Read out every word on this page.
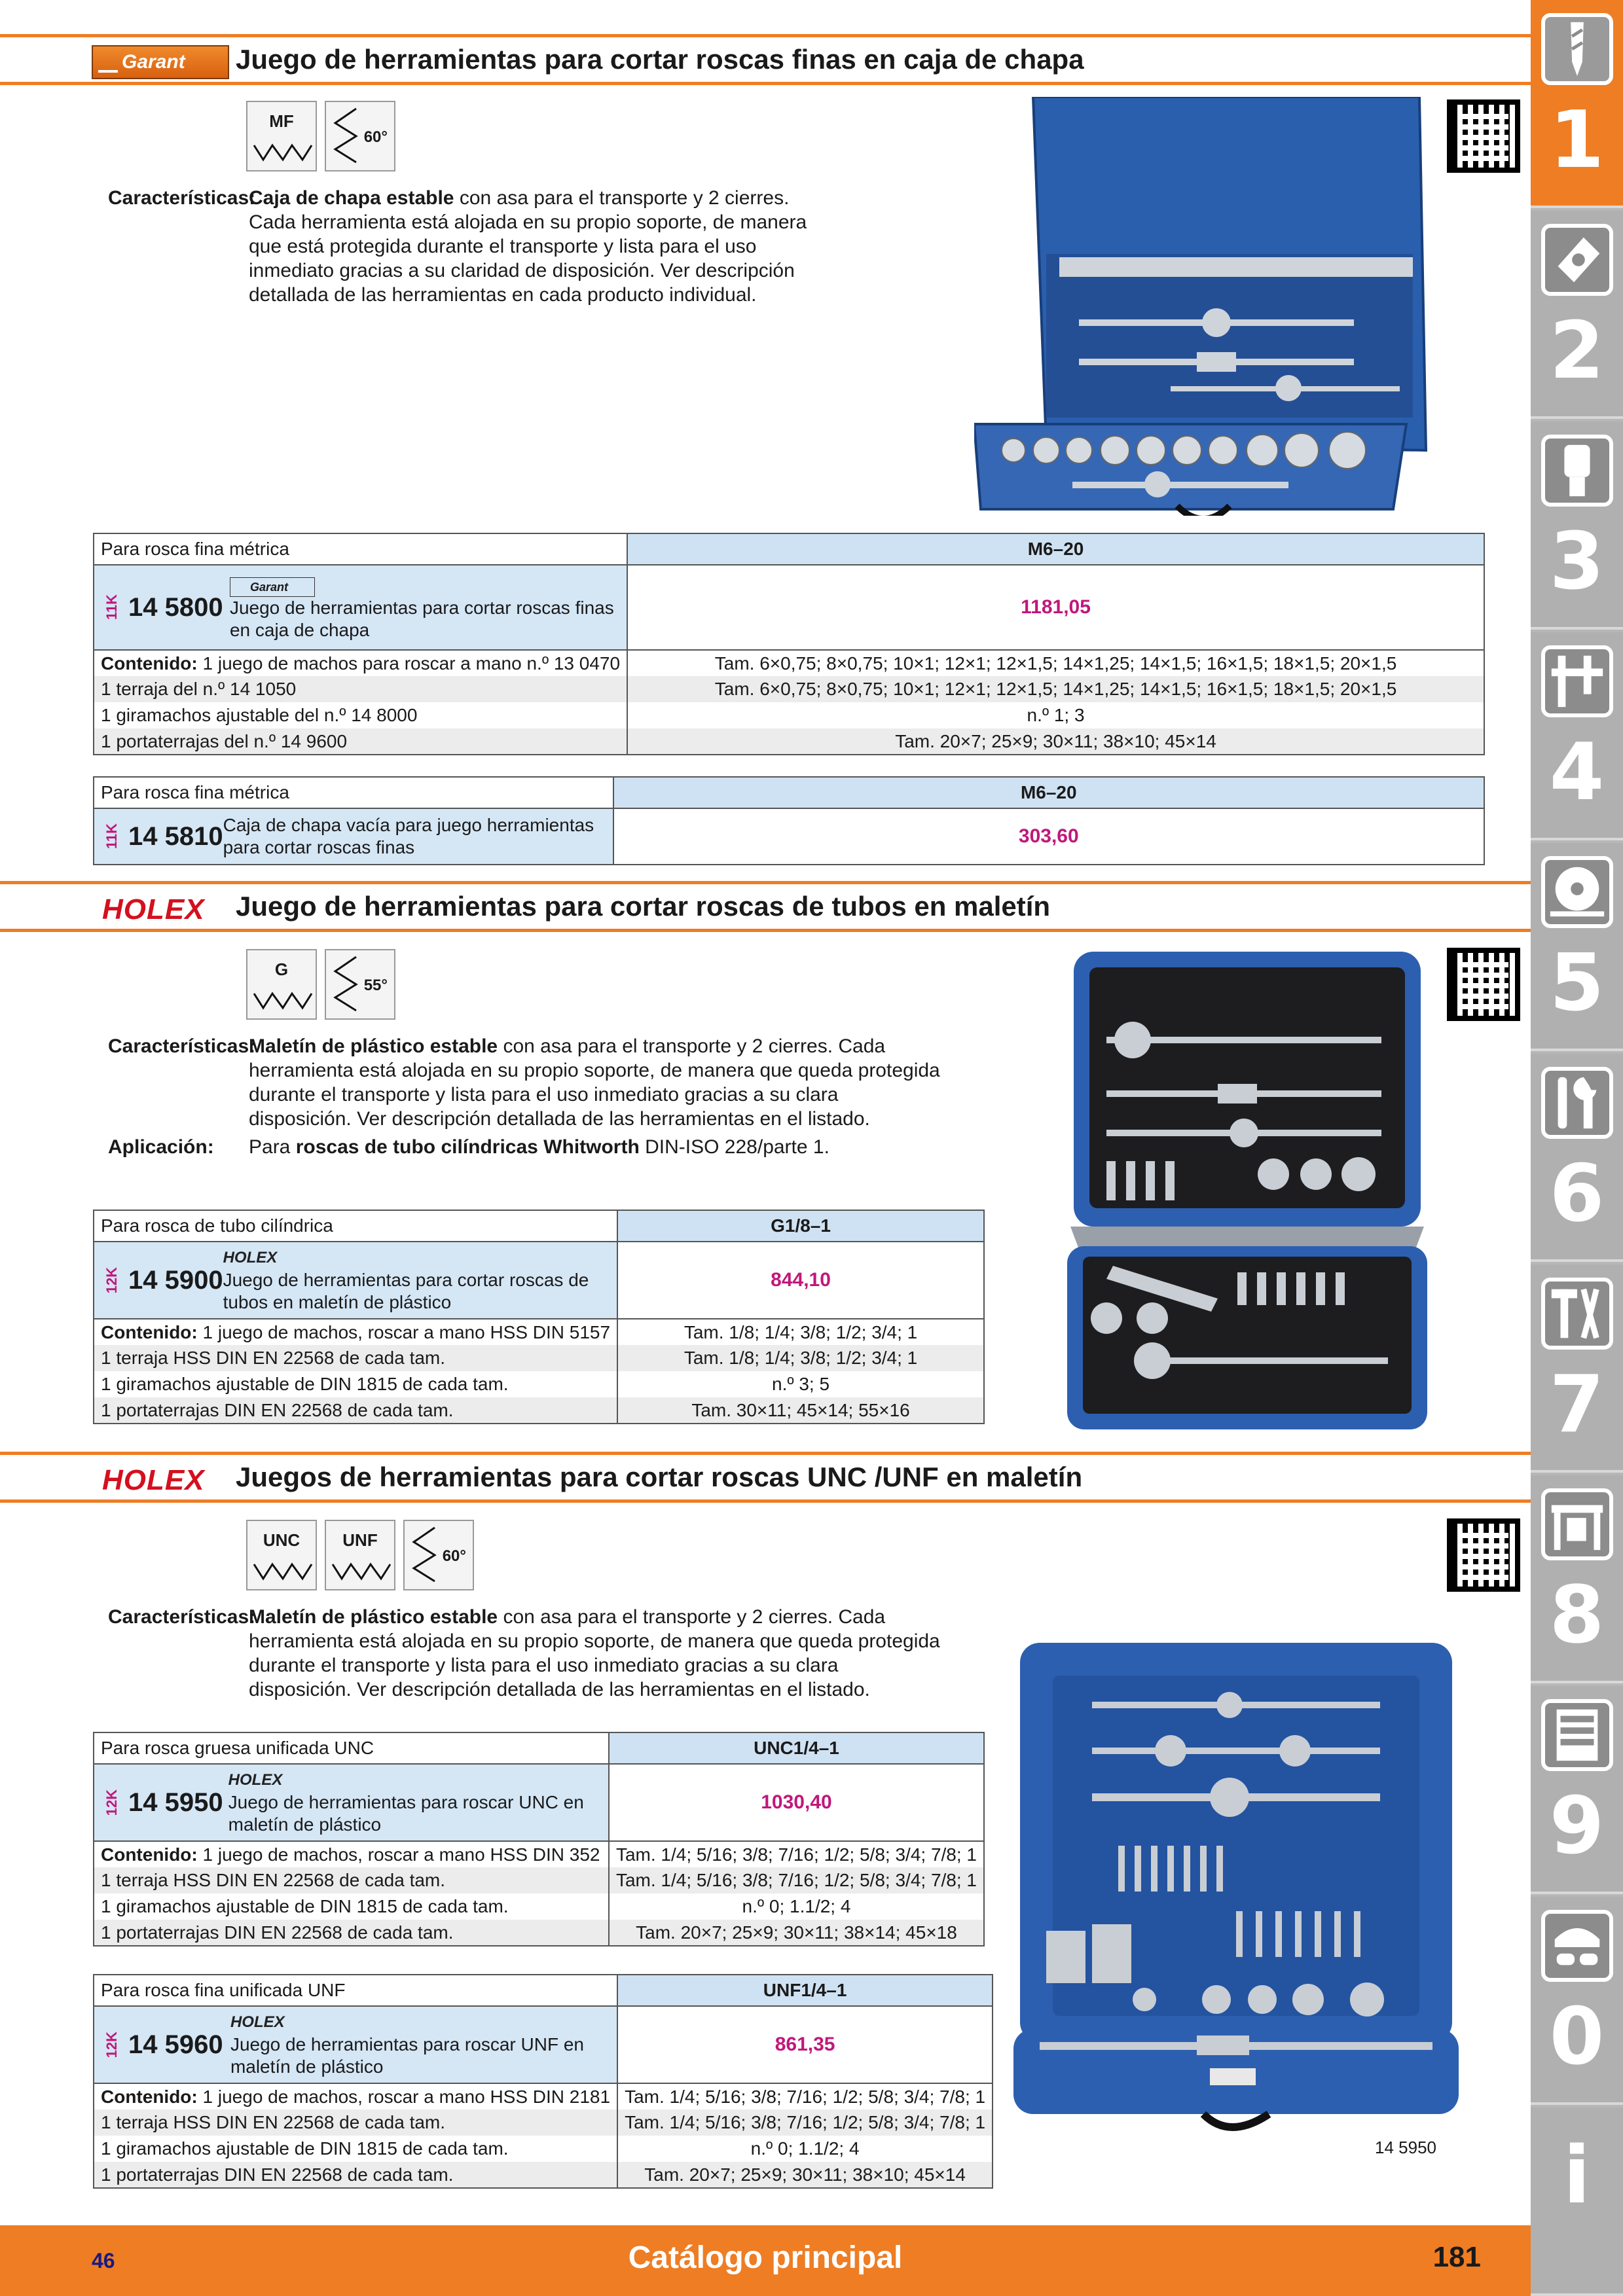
1
2
3
4
5
6
7
8
9
0
i
Garant	Juego de herramientas para cortar roscas finas en caja de chapa
MF
60°
Características:
Caja de chapa estable con asa para el transporte y 2 cierres. Cada herramienta está alojada en su propio soporte, de manera que está protegida durante el transporte y lista para el uso inmediato gracias a su claridad de disposición. Ver descripción detallada de las herramientas en cada producto individual.
Para rosca fina métrica	M6–20

11K 14 5800
Garant
Juego de herramientas para cortar roscas finas en caja de chapa	1181,05
Contenido: 1 juego de machos para roscar a mano n.º 13 0470	Tam. 6×0,75; 8×0,75; 10×1; 12×1; 12×1,5; 14×1,25; 14×1,5; 16×1,5; 18×1,5; 20×1,5
1 terraja del n.º 14 1050	Tam. 6×0,75; 8×0,75; 10×1; 12×1; 12×1,5; 14×1,25; 14×1,5; 16×1,5; 18×1,5; 20×1,5
1 giramachos ajustable del n.º 14 8000	n.º 1; 3
1 portaterrajas del n.º 14 9600	Tam. 20×7; 25×9; 30×11; 38×10; 45×14
Para rosca fina métrica	M6–20

11K 14 5810 Caja de chapa vacía para juego herramientas para cortar roscas finas	303,60
HOLEX Juego de herramientas para cortar roscas de tubos en maletín
G
55°
Características:
Maletín de plástico estable con asa para el transporte y 2 cierres. Cada herramienta está alojada en su propio soporte, de manera que queda protegida durante el transporte y lista para el uso inmediato gracias a su clara disposición. Ver descripción detallada de las herramientas en el listado.
Aplicación: Para roscas de tubo cilíndricas Whitworth DIN-ISO 228/parte 1.
Para rosca de tubo cilíndrica	G1/8–1

12K 14 5900
HOLEX
Juego de herramientas para cortar roscas de tubos en maletín de plástico	844,10
Contenido: 1 juego de machos, roscar a mano HSS DIN 5157	Tam. 1/8; 1/4; 3/8; 1/2; 3/4; 1
1 terraja HSS DIN EN 22568 de cada tam.	Tam. 1/8; 1/4; 3/8; 1/2; 3/4; 1
1 giramachos ajustable de DIN 1815 de cada tam.	n.º 3; 5
1 portaterrajas DIN EN 22568 de cada tam.	Tam. 30×11; 45×14; 55×16
HOLEX Juegos de herramientas para cortar roscas UNC /UNF en maletín
UNC	UNF
60°
Características:
Maletín de plástico estable con asa para el transporte y 2 cierres. Cada herramienta está alojada en su propio soporte, de manera que queda protegida durante el transporte y lista para el uso inmediato gracias a su clara disposición. Ver descripción detallada de las herramientas en el listado.
14 5950
Para rosca gruesa unificada UNC	UNC1/4–1

12K 14 5950
HOLEX
Juego de herramientas para roscar UNC en maletín de plástico	1030,40
Contenido: 1 juego de machos, roscar a mano HSS DIN 352	Tam. 1/4; 5/16; 3/8; 7/16; 1/2; 5/8; 3/4; 7/8; 1
1 terraja HSS DIN EN 22568 de cada tam.	Tam. 1/4; 5/16; 3/8; 7/16; 1/2; 5/8; 3/4; 7/8; 1
1 giramachos ajustable de DIN 1815 de cada tam.	n.º 0; 1.1/2; 4
1 portaterrajas DIN EN 22568 de cada tam.	Tam. 20×7; 25×9; 30×11; 38×14; 45×18
Para rosca fina unificada UNF	UNF1/4–1

12K 14 5960
HOLEX
Juego de herramientas para roscar UNF en maletín de plástico	861,35
Contenido: 1 juego de machos, roscar a mano HSS DIN 2181	Tam. 1/4; 5/16; 3/8; 7/16; 1/2; 5/8; 3/4; 7/8; 1
1 terraja HSS DIN EN 22568 de cada tam.	Tam. 1/4; 5/16; 3/8; 7/16; 1/2; 5/8; 3/4; 7/8; 1
1 giramachos ajustable de DIN 1815 de cada tam.	n.º 0; 1.1/2; 4
1 portaterrajas DIN EN 22568 de cada tam.	Tam. 20×7; 25×9; 30×11; 38×10; 45×14
46	Catálogo principal	181
